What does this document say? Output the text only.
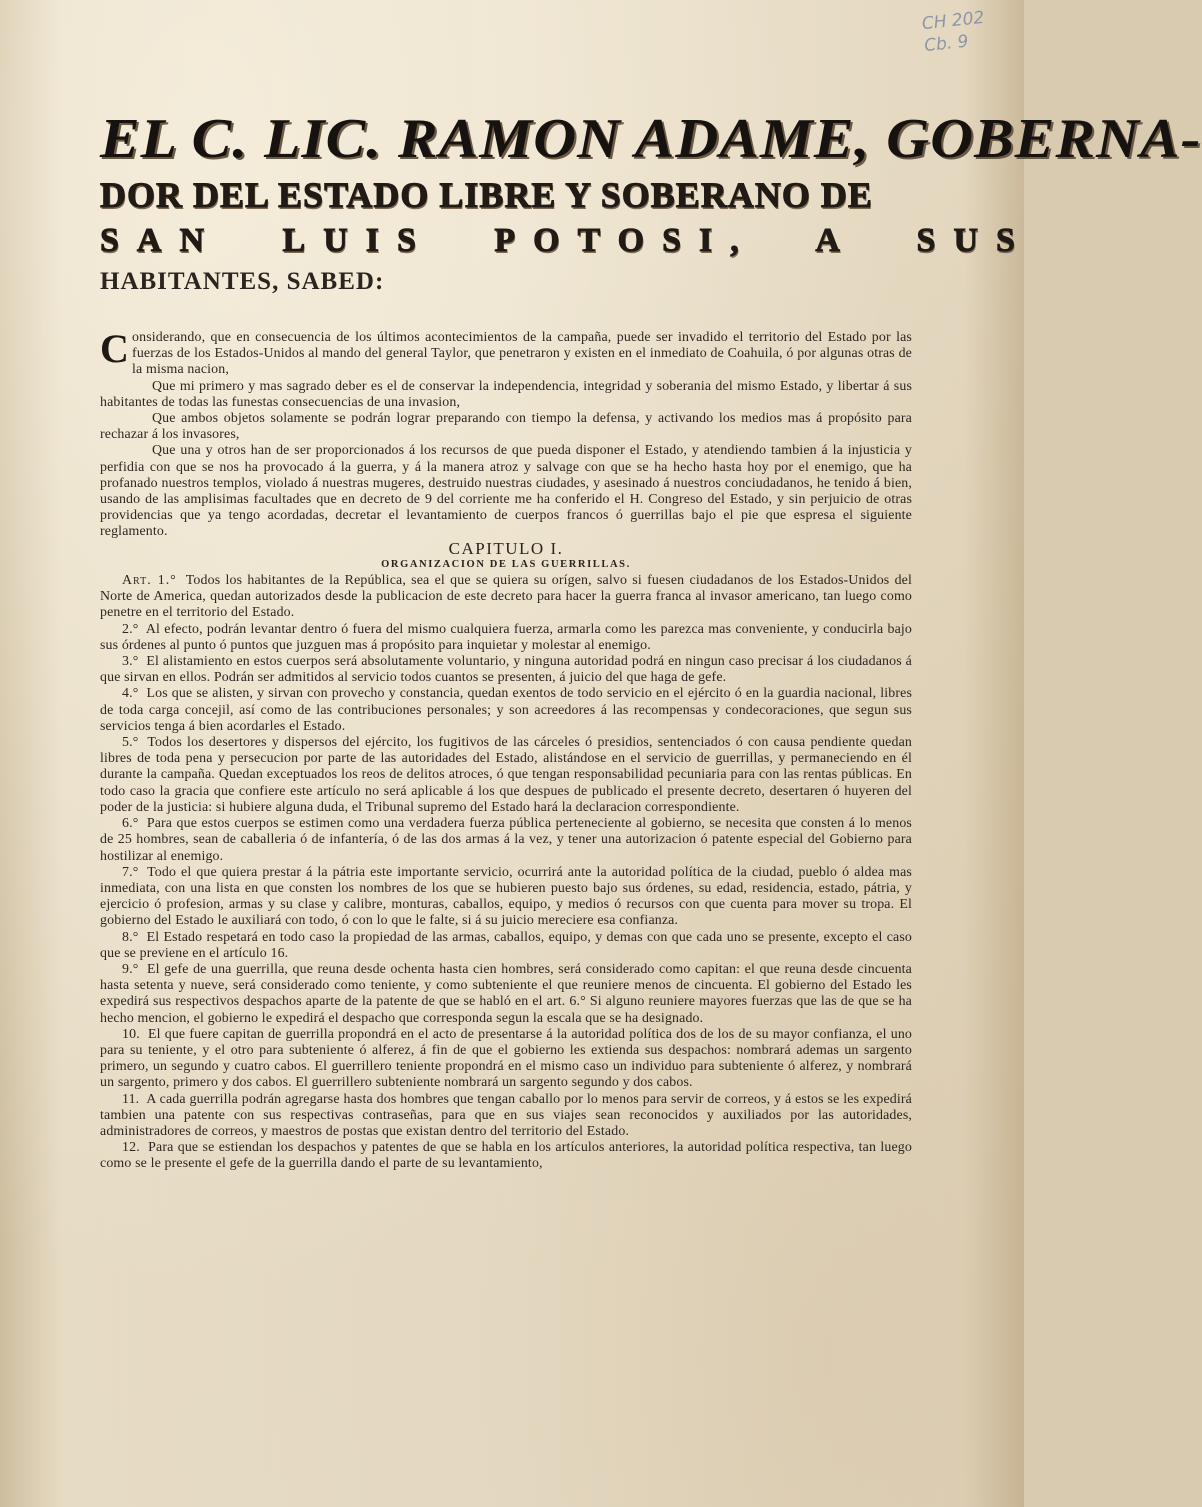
CH 202
Cb. 9
EL C. LIC. RAMON ADAME, GOBERNA-
DOR DEL ESTADO LIBRE Y SOBERANO DE
SAN LUIS POTOSI, A SUS
HABITANTES, SABED:

Considerando, que en consecuencia de los últimos acontecimientos de la campaña, puede ser invadido el territorio del Estado por las fuerzas de los Estados-Unidos al mando del general Taylor, que penetraron y existen en el inmediato de Coahuila, ó por algunas otras de la misma nacion,

Que mi primero y mas sagrado deber es el de conservar la independencia, integridad y soberania del mismo Estado, y libertar á sus habitantes de todas las funestas consecuencias de una invasion,

Que ambos objetos solamente se podrán lograr preparando con tiempo la defensa, y activando los medios mas á propósito para rechazar á los invasores,

Que una y otros han de ser proporcionados á los recursos de que pueda disponer el Estado, y atendiendo tambien á la injusticia y perfidia con que se nos ha provocado á la guerra, y á la manera atroz y salvage con que se ha hecho hasta hoy por el enemigo, que ha profanado nuestros templos, violado á nuestras mugeres, destruido nuestras ciudades, y asesinado á nuestros conciudadanos, he tenido á bien, usando de las amplisimas facultades que en decreto de 9 del corriente me ha conferido el H. Congreso del Estado, y sin perjuicio de otras providencias que ya tengo acordadas, decretar el levantamiento de cuerpos francos ó guerrillas bajo el pie que espresa el siguiente reglamento.

CAPITULO I.

ORGANIZACION DE LAS GUERRILLAS.

Art. 1.° Todos los habitantes de la República, sea el que se quiera su orígen, salvo si fuesen ciudadanos de los Estados-Unidos del Norte de America, quedan autorizados desde la publicacion de este decreto para hacer la guerra franca al invasor americano, tan luego como penetre en el territorio del Estado.

2.° Al efecto, podrán levantar dentro ó fuera del mismo cualquiera fuerza, armarla como les parezca mas conveniente, y conducirla bajo sus órdenes al punto ó puntos que juzguen mas á propósito para inquietar y molestar al enemigo.

3.° El alistamiento en estos cuerpos será absolutamente voluntario, y ninguna autoridad podrá en ningun caso precisar á los ciudadanos á que sirvan en ellos. Podrán ser admitidos al servicio todos cuantos se presenten, á juicio del que haga de gefe.

4.° Los que se alisten, y sirvan con provecho y constancia, quedan exentos de todo servicio en el ejército ó en la guardia nacional, libres de toda carga concejil, así como de las contribuciones personales; y son acreedores á las recompensas y condecoraciones, que segun sus servicios tenga á bien acordarles el Estado.

5.° Todos los desertores y dispersos del ejército, los fugitivos de las cárceles ó presidios, sentenciados ó con causa pendiente quedan libres de toda pena y persecucion por parte de las autoridades del Estado, alistándose en el servicio de guerrillas, y permaneciendo en él durante la campaña. Quedan exceptuados los reos de delitos atroces, ó que tengan responsabilidad pecuniaria para con las rentas públicas. En todo caso la gracia que confiere este artículo no será aplicable á los que despues de publicado el presente decreto, desertaren ó huyeren del poder de la justicia: si hubiere alguna duda, el Tribunal supremo del Estado hará la declaracion correspondiente.

6.° Para que estos cuerpos se estimen como una verdadera fuerza pública perteneciente al gobierno, se necesita que consten á lo menos de 25 hombres, sean de caballeria ó de infantería, ó de las dos armas á la vez, y tener una autorizacion ó patente especial del Gobierno para hostilizar al enemigo.

7.° Todo el que quiera prestar á la pátria este importante servicio, ocurrirá ante la autoridad política de la ciudad, pueblo ó aldea mas inmediata, con una lista en que consten los nombres de los que se hubieren puesto bajo sus órdenes, su edad, residencia, estado, pátria, y ejercicio ó profesion, armas y su clase y calibre, monturas, caballos, equipo, y medios ó recursos con que cuenta para mover su tropa. El gobierno del Estado le auxiliará con todo, ó con lo que le falte, si á su juicio mereciere esa confianza.

8.° El Estado respetará en todo caso la propiedad de las armas, caballos, equipo, y demas con que cada uno se presente, excepto el caso que se previene en el artículo 16.

9.° El gefe de una guerrilla, que reuna desde ochenta hasta cien hombres, será considerado como capitan: el que reuna desde cincuenta hasta setenta y nueve, será considerado como teniente, y como subteniente el que reuniere menos de cincuenta. El gobierno del Estado les expedirá sus respectivos despachos aparte de la patente de que se habló en el art. 6.° Si alguno reuniere mayores fuerzas que las de que se ha hecho mencion, el gobierno le expedirá el despacho que corresponda segun la escala que se ha designado.

10. El que fuere capitan de guerrilla propondrá en el acto de presentarse á la autoridad política dos de los de su mayor confianza, el uno para su teniente, y el otro para subteniente ó alferez, á fin de que el gobierno les extienda sus despachos: nombrará ademas un sargento primero, un segundo y cuatro cabos. El guerrillero teniente propondrá en el mismo caso un individuo para subteniente ó alferez, y nombrará un sargento, primero y dos cabos. El guerrillero subteniente nombrará un sargento segundo y dos cabos.

11. A cada guerrilla podrán agregarse hasta dos hombres que tengan caballo por lo menos para servir de correos, y á estos se les expedirá tambien una patente con sus respectivas contraseñas, para que en sus viajes sean reconocidos y auxiliados por las autoridades, administradores de correos, y maestros de postas que existan dentro del territorio del Estado.

12. Para que se estiendan los despachos y patentes de que se habla en los artículos anteriores, la autoridad política respectiva, tan luego como se le presente el gefe de la guerrilla dando el parte de su levantamiento,
